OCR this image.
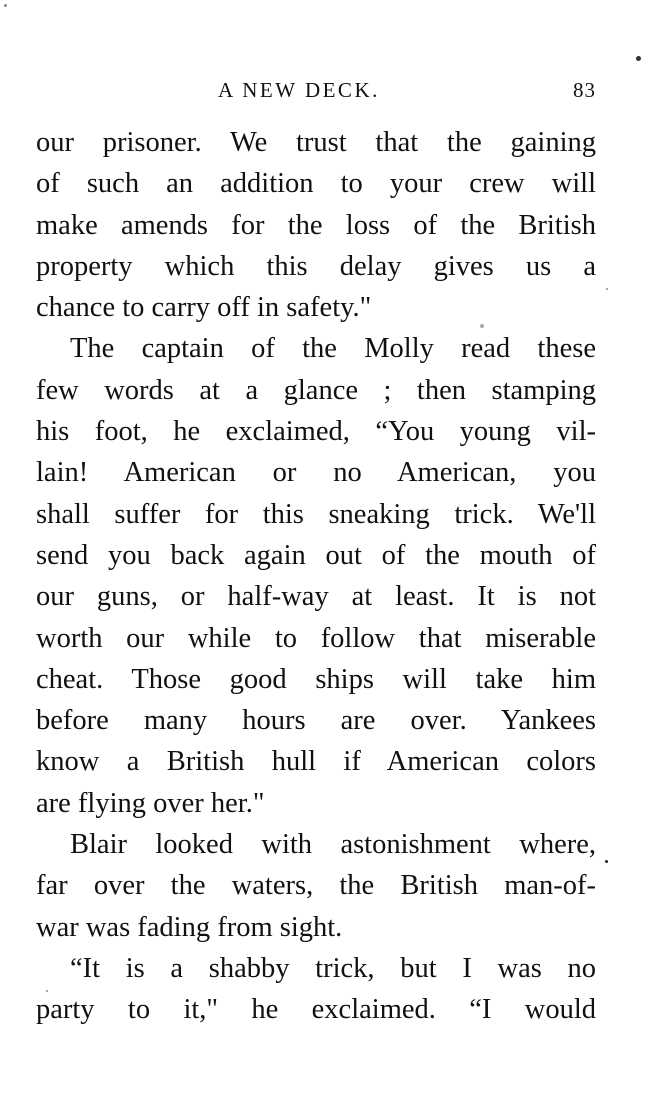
A NEW DECK.	83
our prisoner. We trust that the gaining
of such an addition to your crew will
make amends for the loss of the British
property which this delay gives us a
chance to carry off in safety."
The captain of the Molly read these
few words at a glance ; then stamping
his foot, he exclaimed, “You young vil-
lain! American or no American, you
shall suffer for this sneaking trick. We'll
send you back again out of the mouth of
our guns, or half-way at least. It is not
worth our while to follow that miserable
cheat. Those good ships will take him
before many hours are over. Yankees
know a British hull if American colors
are flying over her."
Blair looked with astonishment where,
far over the waters, the British man-of-
war was fading from sight.
“It is a shabby trick, but I was no
party to it," he exclaimed. “I would
